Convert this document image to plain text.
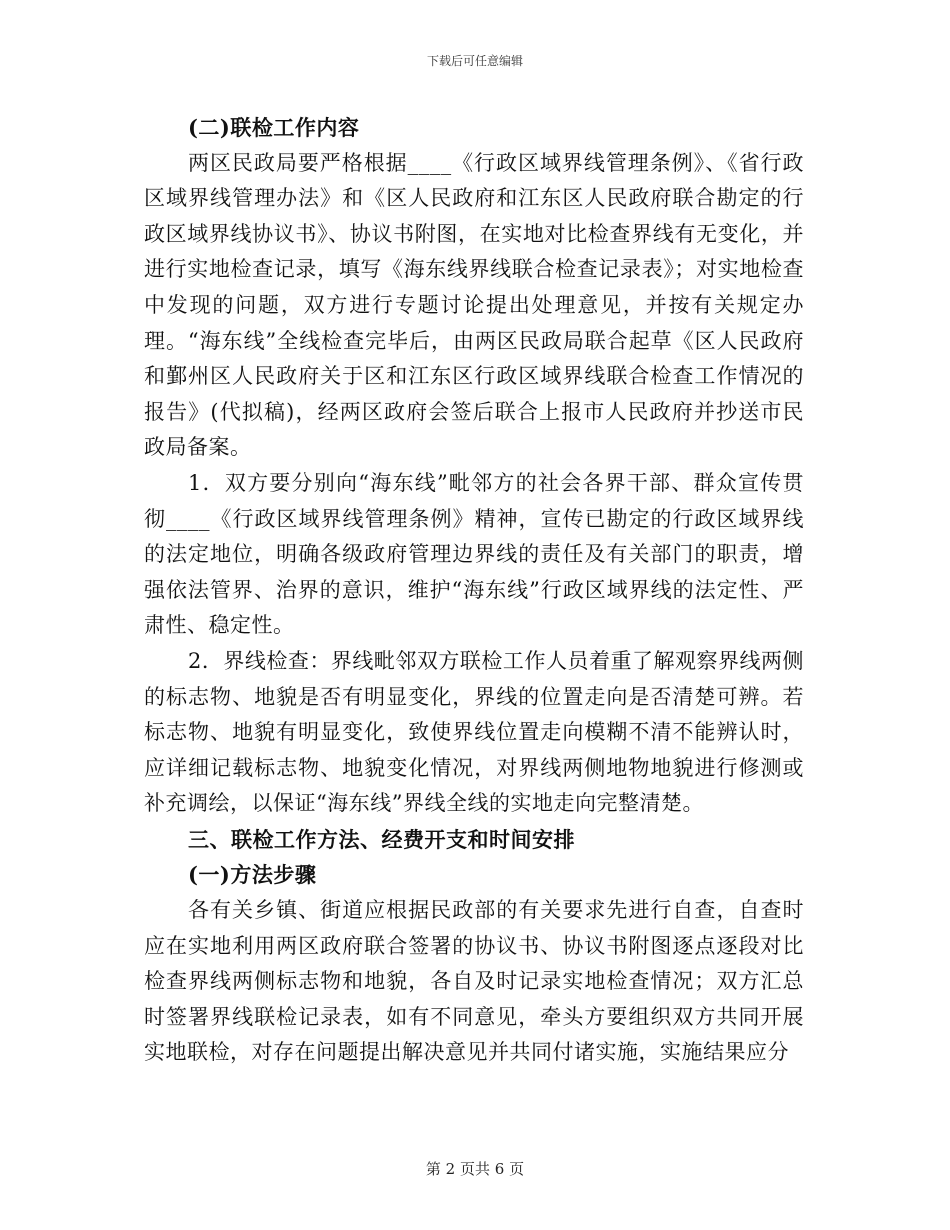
下载后可任意编辑

(二)联检工作内容

两区民政局要严格根据____《行政区域界线管理条例》、《省行政区域界线管理办法》和《区人民政府和江东区人民政府联合勘定的行政区域界线协议书》、协议书附图，在实地对比检查界线有无变化，并进行实地检查记录，填写《海东线界线联合检查记录表》；对实地检查中发现的问题，双方进行专题讨论提出处理意见，并按有关规定办理。“海东线”全线检查完毕后，由两区民政局联合起草《区人民政府和鄞州区人民政府关于区和江东区行政区域界线联合检查工作情况的报告》(代拟稿)，经两区政府会签后联合上报市人民政府并抄送市民政局备案。

1．双方要分别向“海东线”毗邻方的社会各界干部、群众宣传贯彻____《行政区域界线管理条例》精神，宣传已勘定的行政区域界线的法定地位，明确各级政府管理边界线的责任及有关部门的职责，增强依法管界、治界的意识，维护“海东线”行政区域界线的法定性、严肃性、稳定性。

2．界线检查：界线毗邻双方联检工作人员着重了解观察界线两侧的标志物、地貌是否有明显变化，界线的位置走向是否清楚可辨。若标志物、地貌有明显变化，致使界线位置走向模糊不清不能辨认时，应详细记载标志物、地貌变化情况，对界线两侧地物地貌进行修测或补充调绘，以保证“海东线”界线全线的实地走向完整清楚。

三、联检工作方法、经费开支和时间安排

(一)方法步骤

各有关乡镇、街道应根据民政部的有关要求先进行自查，自查时应在实地利用两区政府联合签署的协议书、协议书附图逐点逐段对比检查界线两侧标志物和地貌，各自及时记录实地检查情况；双方汇总时签署界线联检记录表，如有不同意见，牵头方要组织双方共同开展实地联检，对存在问题提出解决意见并共同付诸实施，实施结果应分

第 2 页共 6 页
